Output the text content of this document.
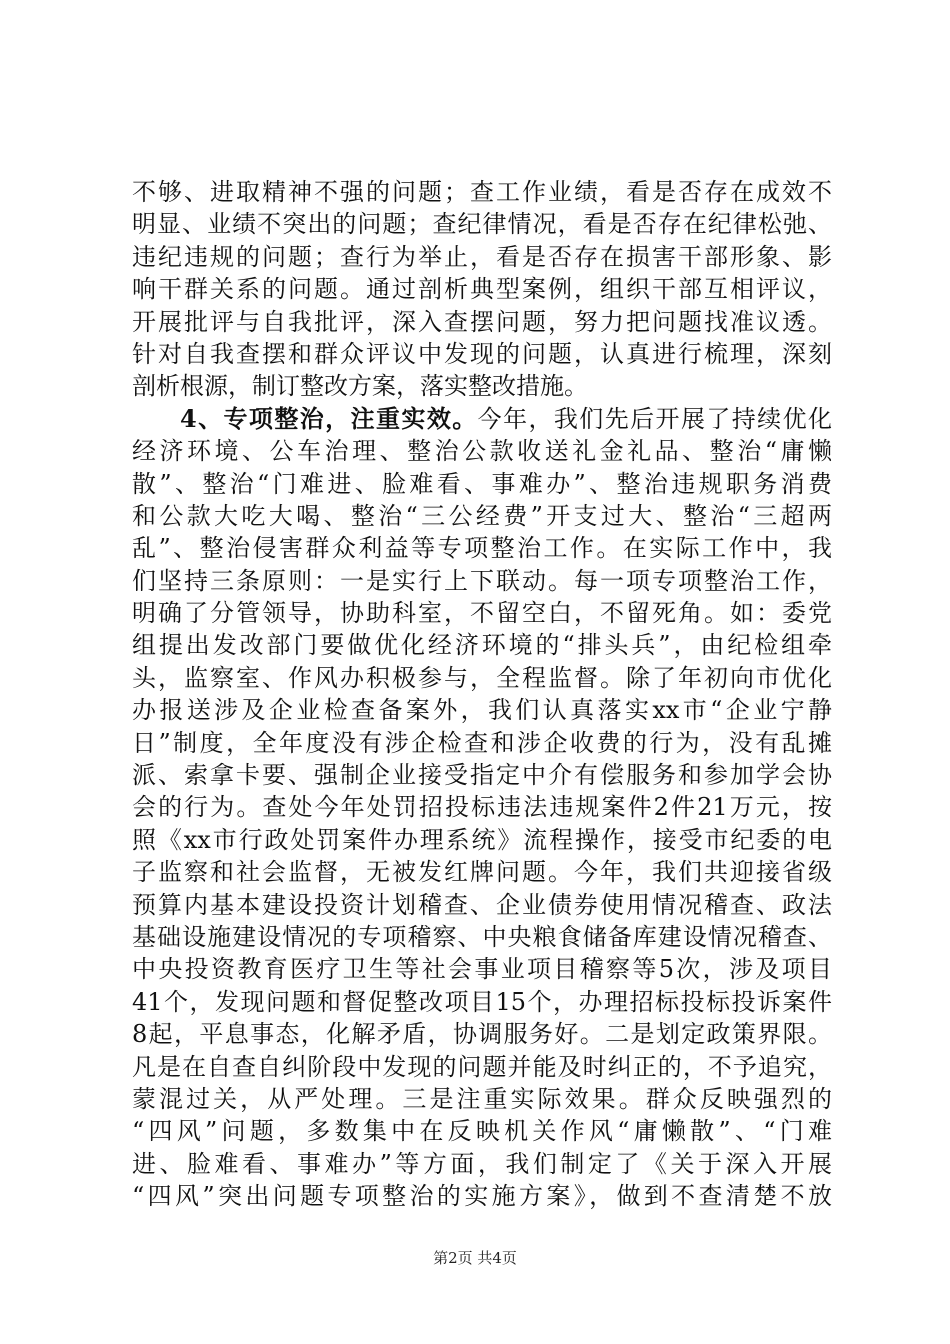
不够、进取精神不强的问题；查工作业绩，看是否存在成效不
明显、业绩不突出的问题；查纪律情况，看是否存在纪律松弛、
违纪违规的问题；查行为举止，看是否存在损害干部形象、影
响干群关系的问题。通过剖析典型案例，组织干部互相评议，
开展批评与自我批评，深入查摆问题，努力把问题找准议透。
针对自我查摆和群众评议中发现的问题，认真进行梳理，深刻
剖析根源，制订整改方案，落实整改措施。
4、专项整治，注重实效。今年，我们先后开展了持续优化
经济环境、公车治理、整治公款收送礼金礼品、整治“庸懒
散”、整治“门难进、脸难看、事难办”、整治违规职务消费
和公款大吃大喝、整治“三公经费”开支过大、整治“三超两
乱”、整治侵害群众利益等专项整治工作。在实际工作中，我
们坚持三条原则：一是实行上下联动。每一项专项整治工作，
明确了分管领导，协助科室，不留空白，不留死角。如：委党
组提出发改部门要做优化经济环境的“排头兵”，由纪检组牵
头，监察室、作风办积极参与，全程监督。除了年初向市优化
办报送涉及企业检查备案外，我们认真落实xx市“企业宁静
日”制度，全年度没有涉企检查和涉企收费的行为，没有乱摊
派、索拿卡要、强制企业接受指定中介有偿服务和参加学会协
会的行为。查处今年处罚招投标违法违规案件2件21万元，按
照《xx市行政处罚案件办理系统》流程操作，接受市纪委的电
子监察和社会监督，无被发红牌问题。今年，我们共迎接省级
预算内基本建设投资计划稽查、企业债券使用情况稽查、政法
基础设施建设情况的专项稽察、中央粮食储备库建设情况稽查、
中央投资教育医疗卫生等社会事业项目稽察等5次，涉及项目
41个，发现问题和督促整改项目15个，办理招标投标投诉案件
8起，平息事态，化解矛盾，协调服务好。二是划定政策界限。
凡是在自查自纠阶段中发现的问题并能及时纠正的，不予追究，
蒙混过关，从严处理。三是注重实际效果。群众反映强烈的
“四风”问题，多数集中在反映机关作风“庸懒散”、“门难
进、脸难看、事难办”等方面，我们制定了《关于深入开展
“四风”突出问题专项整治的实施方案》，做到不查清楚不放
第2页 共4页
